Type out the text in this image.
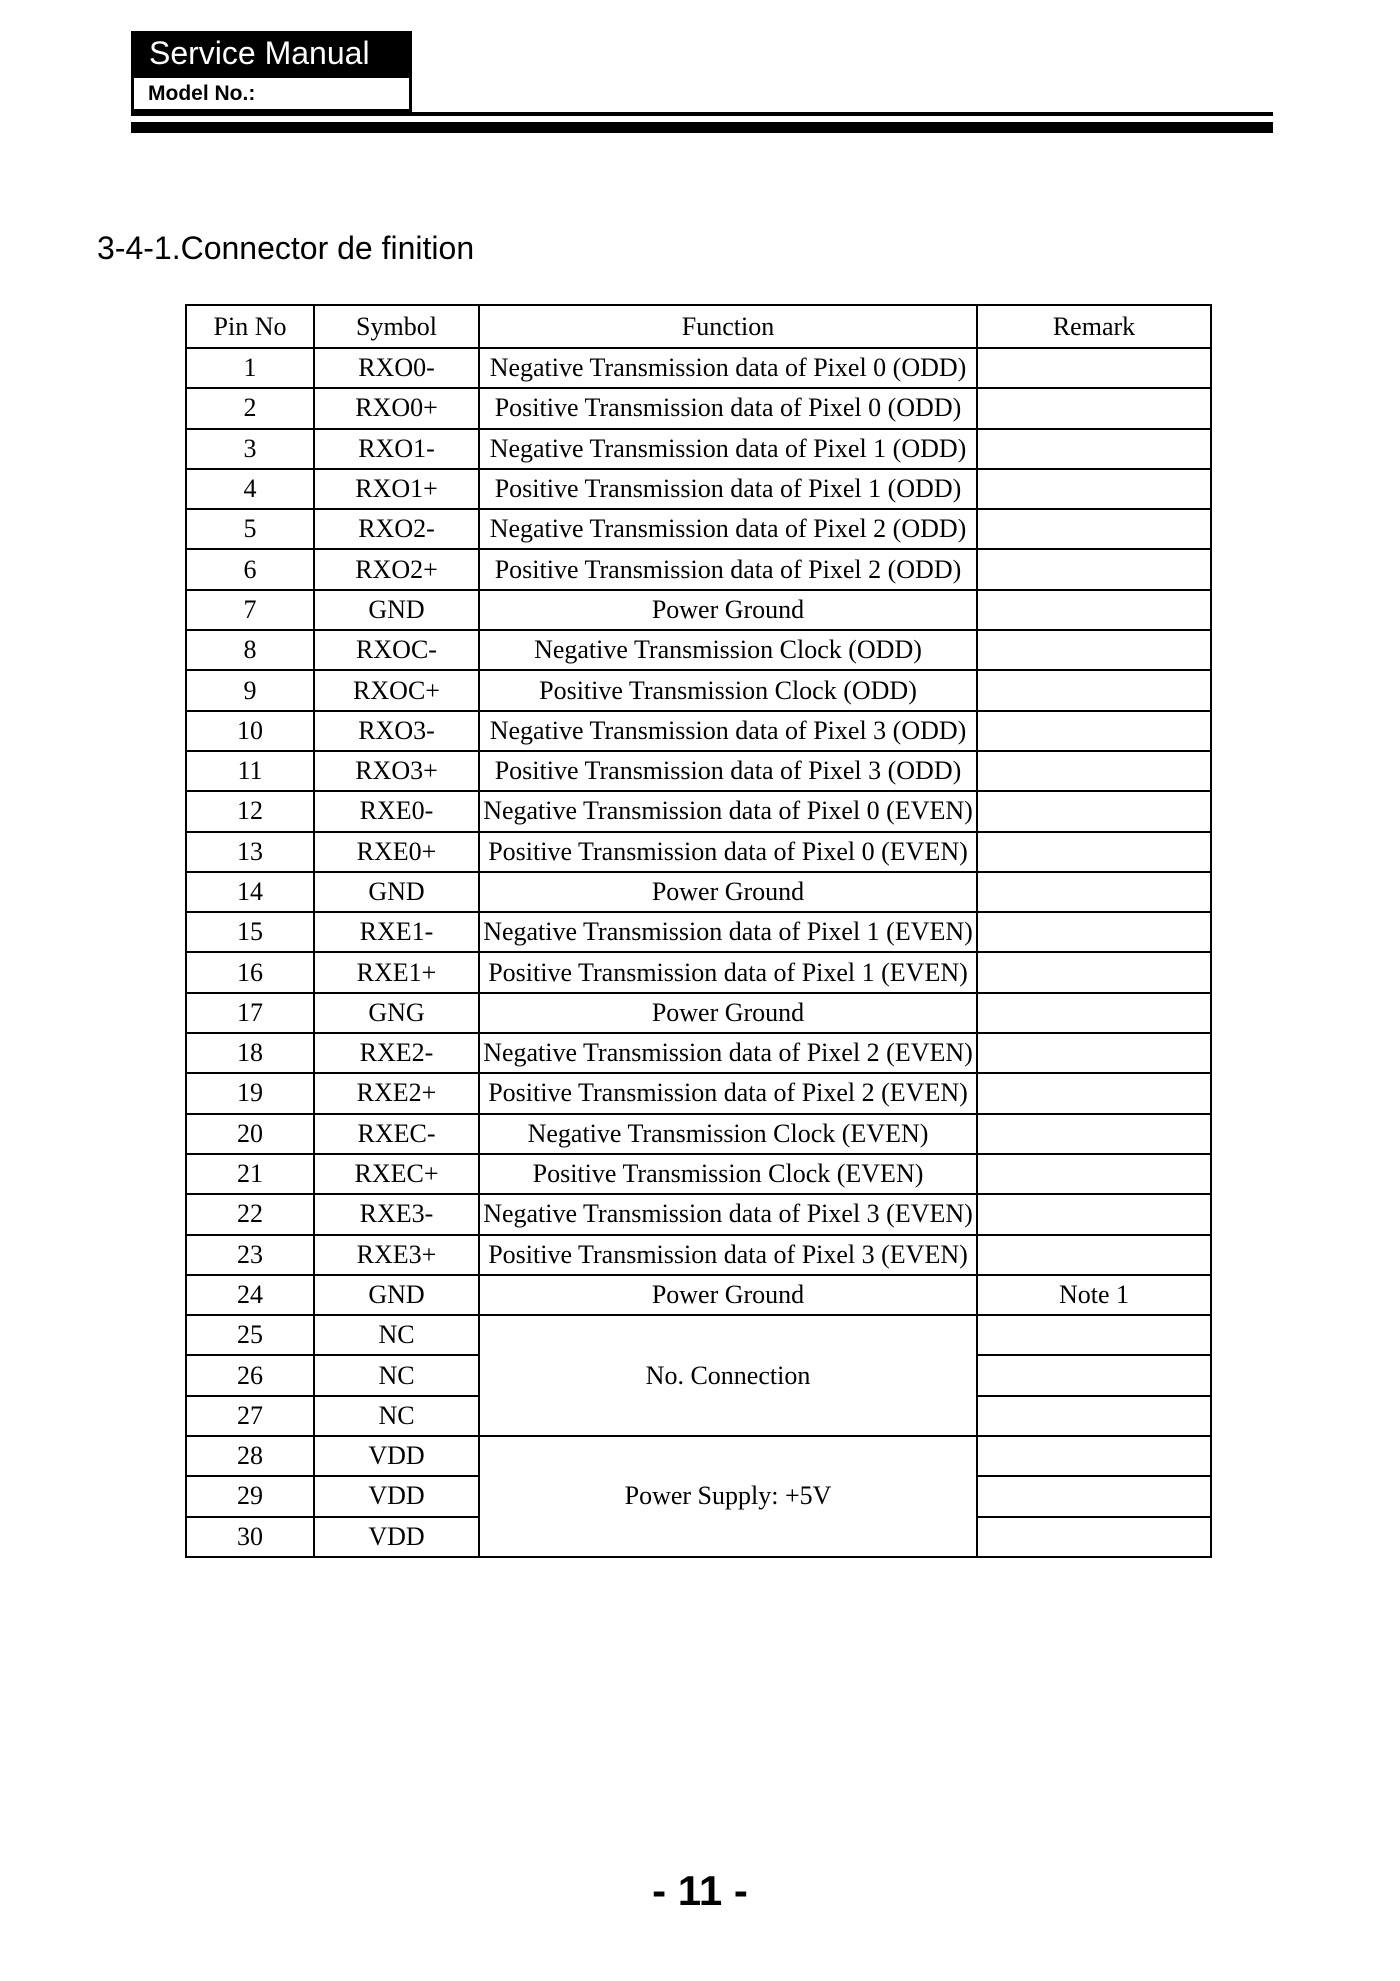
Service Manual
Model No.:
3-4-1.Connector de finition
Pin No	Symbol	Function	Remark
1	RXO0-	Negative Transmission data of Pixel 0 (ODD)	
2	RXO0+	Positive Transmission data of Pixel 0 (ODD)	
3	RXO1-	Negative Transmission data of Pixel 1 (ODD)	
4	RXO1+	Positive Transmission data of Pixel 1 (ODD)	
5	RXO2-	Negative Transmission data of Pixel 2 (ODD)	
6	RXO2+	Positive Transmission data of Pixel 2 (ODD)	
7	GND	Power Ground	
8	RXOC-	Negative Transmission Clock (ODD)	
9	RXOC+	Positive Transmission Clock (ODD)	
10	RXO3-	Negative Transmission data of Pixel 3 (ODD)	
11	RXO3+	Positive Transmission data of Pixel 3 (ODD)	
12	RXE0-	Negative Transmission data of Pixel 0 (EVEN)	
13	RXE0+	Positive Transmission data of Pixel 0 (EVEN)	
14	GND	Power Ground	
15	RXE1-	Negative Transmission data of Pixel 1 (EVEN)	
16	RXE1+	Positive Transmission data of Pixel 1 (EVEN)	
17	GNG	Power Ground	
18	RXE2-	Negative Transmission data of Pixel 2 (EVEN)	
19	RXE2+	Positive Transmission data of Pixel 2 (EVEN)	
20	RXEC-	Negative Transmission Clock (EVEN)	
21	RXEC+	Positive Transmission Clock (EVEN)	
22	RXE3-	Negative Transmission data of Pixel 3 (EVEN)	
23	RXE3+	Positive Transmission data of Pixel 3 (EVEN)	
24	GND	Power Ground	Note 1
25	NC	No. Connection	
26	NC		
27	NC		
28	VDD	Power Supply: +5V	
29	VDD		
30	VDD		
- 11 -
